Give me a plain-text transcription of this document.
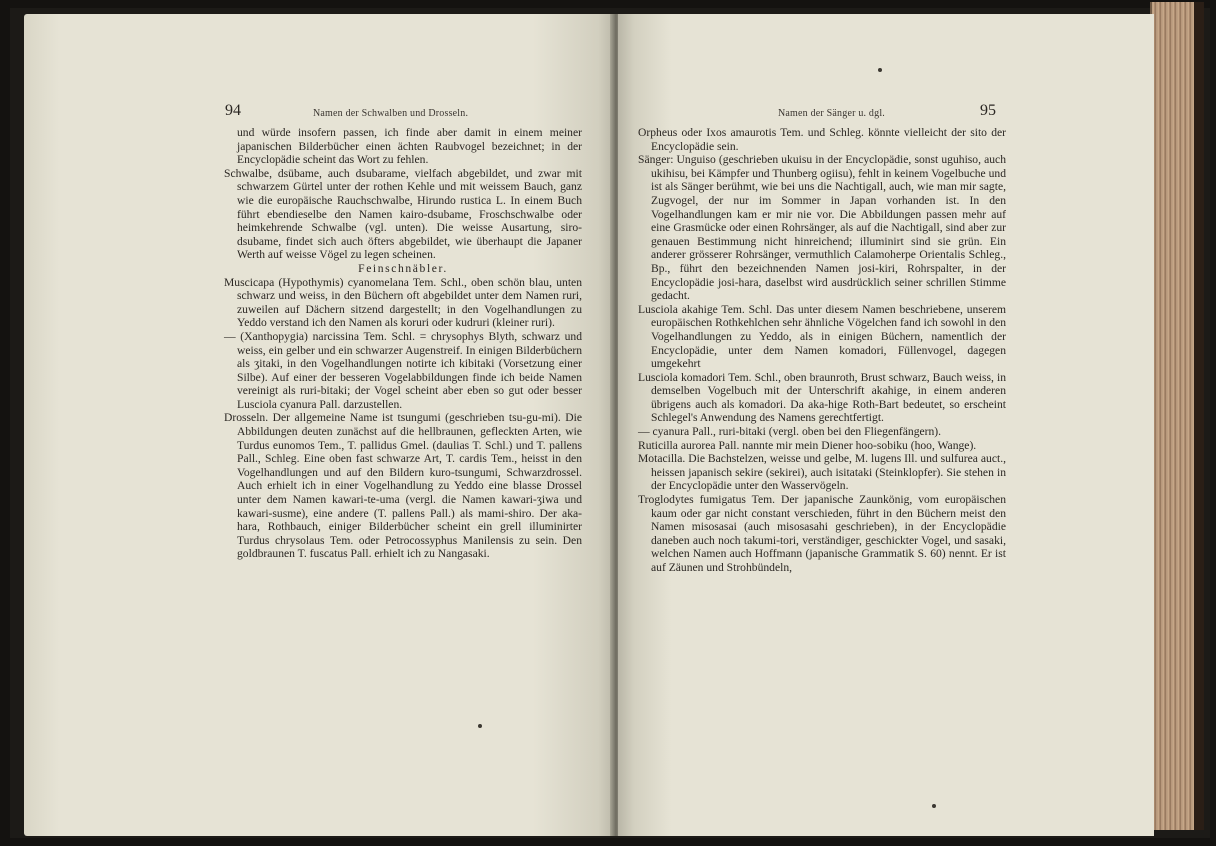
94	Namen der Schwalben und Drosseln.

und würde insofern passen, ich finde aber damit in einem meiner japanischen Bilderbücher einen ächten Raubvogel bezeichnet; in der Encyclopädie scheint das Wort zu fehlen.

Schwalbe, dsübame, auch dsubarame, vielfach abgebildet, und zwar mit schwarzem Gürtel unter der rothen Kehle und mit weissem Bauch, ganz wie die europäische Rauchschwalbe, Hirundo rustica L. In einem Buch führt ebendieselbe den Namen kairo-dsubame, Froschschwalbe oder heimkehrende Schwalbe (vgl. unten). Die weisse Ausartung, siro-dsubame, findet sich auch öfters abgebildet, wie überhaupt die Japaner Werth auf weisse Vögel zu legen scheinen.

Feinschnäbler.

Muscicapa (Hypothymis) cyanomelana Tem. Schl., oben schön blau, unten schwarz und weiss, in den Büchern oft abgebildet unter dem Namen ruri, zuweilen auf Dächern sitzend dargestellt; in den Vogelhandlungen zu Yeddo verstand ich den Namen als koruri oder kudruri (kleiner ruri).

— (Xanthopygia) narcissina Tem. Schl. = chrysophys Blyth, schwarz und weiss, ein gelber und ein schwarzer Augenstreif. In einigen Bilderbüchern als ʒitaki, in den Vogelhandlungen notirte ich kibitaki (Vorsetzung einer Silbe). Auf einer der besseren Vogelabbildungen finde ich beide Namen vereinigt als ruri-bitaki; der Vogel scheint aber eben so gut oder besser Lusciola cyanura Pall. darzustellen.

Drosseln. Der allgemeine Name ist tsungumi (geschrieben tsu-gu-mi). Die Abbildungen deuten zunächst auf die hellbraunen, gefleckten Arten, wie Turdus eunomos Tem., T. pallidus Gmel. (daulias T. Schl.) und T. pallens Pall., Schleg. Eine oben fast schwarze Art, T. cardis Tem., heisst in den Vogelhandlungen und auf den Bildern kuro-tsungumi, Schwarzdrossel. Auch erhielt ich in einer Vogelhandlung zu Yeddo eine blasse Drossel unter dem Namen kawari-te-uma (vergl. die Namen kawari-ʒiwa und kawari-susme), eine andere (T. pallens Pall.) als mami-shiro. Der aka-hara, Rothbauch, einiger Bilderbücher scheint ein grell illuminirter Turdus chrysolaus Tem. oder Petrocossyphus Manilensis zu sein. Den goldbraunen T. fuscatus Pall. erhielt ich zu Nangasaki.

Namen der Sänger u. dgl.	95

Orpheus oder Ixos amaurotis Tem. und Schleg. könnte vielleicht der sito der Encyclopädie sein.

Sänger: Unguiso (geschrieben ukuisu in der Encyclopädie, sonst uguhiso, auch ukihisu, bei Kämpfer und Thunberg ogiisu), fehlt in keinem Vogelbuche und ist als Sänger berühmt, wie bei uns die Nachtigall, auch, wie man mir sagte, Zugvogel, der nur im Sommer in Japan vorhanden ist. In den Vogelhandlungen kam er mir nie vor. Die Abbildungen passen mehr auf eine Grasmücke oder einen Rohrsänger, als auf die Nachtigall, sind aber zur genauen Bestimmung nicht hinreichend; illuminirt sind sie grün. Ein anderer grösserer Rohrsänger, vermuthlich Calamoherpe Orientalis Schleg., Bp., führt den bezeichnenden Namen josi-kiri, Rohrspalter, in der Encyclopädie josi-hara, daselbst wird ausdrücklich seiner schrillen Stimme gedacht.

Lusciola akahige Tem. Schl. Das unter diesem Namen beschriebene, unserem europäischen Rothkehlchen sehr ähnliche Vögelchen fand ich sowohl in den Vogelhandlungen zu Yeddo, als in einigen Büchern, namentlich der Encyclopädie, unter dem Namen komadori, Füllenvogel, dagegen umgekehrt

Lusciola komadori Tem. Schl., oben braunroth, Brust schwarz, Bauch weiss, in demselben Vogelbuch mit der Unterschrift akahige, in einem anderen übrigens auch als komadori. Da aka-hige Roth-Bart bedeutet, so erscheint Schlegel's Anwendung des Namens gerechtfertigt.

— cyanura Pall., ruri-bitaki (vergl. oben bei den Fliegenfängern).

Ruticilla aurorea Pall. nannte mir mein Diener hoo-sobiku (hoo, Wange).

Motacilla. Die Bachstelzen, weisse und gelbe, M. lugens Ill. und sulfurea auct., heissen japanisch sekire (sekirei), auch isitataki (Steinklopfer). Sie stehen in der Encyclopädie unter den Wasservögeln.

Troglodytes fumigatus Tem. Der japanische Zaunkönig, vom europäischen kaum oder gar nicht constant verschieden, führt in den Büchern meist den Namen misosasai (auch misosasahi geschrieben), in der Encyclopädie daneben auch noch takumi-tori, verständiger, geschickter Vogel, und sasaki, welchen Namen auch Hoffmann (japanische Grammatik S. 60) nennt. Er ist auf Zäunen und Strohbündeln,
